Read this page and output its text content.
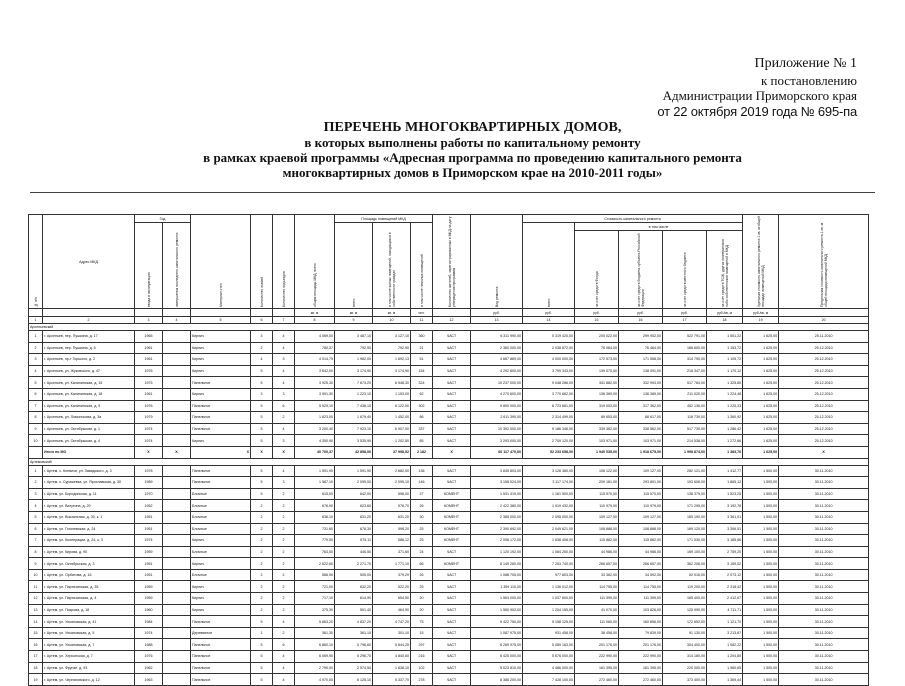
Приложение № 1
к постановлению
Администрации Приморского края
от 22 октября 2019 года № 695-па
ПЕРЕЧЕНЬ МНОГОКВАРТИРНЫХ ДОМОВ,
в которых выполнены работы по капитальному ремонту
в рамках краевой программы «Адресная программа по проведению капитального ремонта
многоквартирных домов в Приморском крае на 2010-2011 годы»
№ п/п	Адрес МКД	Год		Материал стен	Количество этажей	Количество подъездов	общая площадь МКД, всего	Площадь помещений МКД			Количество жителей, зарегистрированных в МКД на дату утверждения программы	Вид ремонта	Стоимость капитального ремонта					Удельная стоимость капитального ремонта 1 кв. м общей площади помещений МКД	Предельная стоимость капитального ремонта 1 кв. м общей площади помещений МКД	
		ввода в эксплуатацию	завершения последнего капитального ремонта					всего	в том числе жилых помещений, находящихся в собственности граждан	в том числе нежилых помещений			всего	в том числе						
														за счет средств Фонда	за счет средств бюджета субъекта Российской Федерации	за счет средств местного бюджета	за счет средств ТСЖ, других кооперативов либо собственников помещений в МКД			
							кв. м	кв. м	кв. м	чел.		руб.	руб.	руб.	руб.	руб.	руб./кв. м	руб./кв. м		
1	2	3	4	5	6	7	8	9	10	11	12	13	14	15	16	17	18	19	20	
Арсеньевский																				
1	г. Арсеньев, пер. Пушкина, д. 17	1965		Кирпич	3	4	4 069,00	3 487,10	3 127,10	360	ЧАСТ	6 311 990,00	5 319 420,00	205 022,00	299 952,00	522 791,00	1 551,22	1 625,00	25.11.2010	
2	г. Арсеньев, пер. Пушкина, д. 5	1961		Кирпич	2	4	780,37	792,90	792,90	21	ЧАСТ	2 360 000,00	2 038 872,00	76 064,00	76 464,00	168 600,00	1 153,72	1 625,00	25.12.2010	
3	г. Арсеньев, пр-т Горького, д. 2	1961		Кирпич	4	3	4 014,75	1 962,00	1 692,13	51	ЧАСТ	4 667 869,00	4 000 000,00	172 573,00	171 558,00	314 790,00	1 105,72	1 625,00	25.12.2010	
4	г. Арсеньев, ул. Жуковского, д. 47	1976		Кирпич	5	4	3 642,00	3 174,90	3 174,90	154	ЧАСТ	4 292 800,00	3 799 343,00	139 070,00	138 091,00	216 347,00	1 170,12	1 625,00	25.12.2010	
5	г. Арсеньев, ул. Калининская, д. 15	1975		Панельное	5	4	3 925,30	7 673,20	6 548,30	324	ЧАСТ	10 237 000,00	9 048 286,00	341 882,00	332 993,00	517 784,00	1 325,80	1 625,00	25.12.2010	
6	г. Арсеньев, ул. Калининская, д. 18	1961		Кирпич	3	3	3 591,30	1 223,10	1 153,00	62	ЧАСТ	4 270 600,00	3 770 662,00	136 369,00	136 389,00	211 020,00	1 224,48	1 625,00	25.12.2010	
7	г. Арсеньев, ул. Калининская, д. 9	1976		Панельное	5	6	5 929,10	7 438,10	6 122,00	302	ЧАСТ	9 800 000,00	8 723 681,00	319 002,00	317 362,00	452 136,00	1 220,33	1 625,00	25.12.2010	
8	г. Арсеньев, ул. Ломоносова, д. 3а	1979		Панельное	5	2	1 823,00	1 679,40	1 452,00	86	ЧАСТ	2 611 390,00	2 314 499,00	89 653,00	88 617,00	118 739,00	1 360,92	1 625,00	25.12.2010	
9	г. Арсеньев, ул. Октябрьская, д. 1	1974		Панельное	5	4	3 200,40	7 923,10	6 907,00	337	ЧАСТ	10 392 000,00	9 186 346,00	339 362,00	338 562,00	517 730,00	1 286,42	1 625,00	25.12.2010	
10	г. Арсеньев, ул. Октябрьская, д. 4	1974		Кирпич	5	3	4 350,90	3 535,90	1 202,50	85	ЧАСТ	3 293 000,00	2 709 120,00	103 971,00	103 971,00	214 538,00	1 272,66	1 625,00	25.12.2010	
	Итого по МО	X	X	X	X	X	40 700,37	42 858,00	37 998,52	2 182	X	60 117 470,00	52 233 658,00	1 940 035,00	1 918 675,00	1 998 874,00	1 383,76	1 625,00	X	
Артемовский																				
1	г. Артем, с. Кневичи, ул. Завадского, д. 3	1978		Панельное	5	4	1 591,90	1 591,90	2 682,00	136	ЧАСТ	3 845 803,00	3 128 380,00	106 122,00	109 127,00	282 121,00	1 412,77	1 500,00	30.11.2010	
2	г. Артем, с. Суражевка, ул. Ярославская, д. 30	1989		Панельное	5	3	1 587,10	2 095,00	2 095,10	146	ЧАСТ	3 158 024,00	3 117 174,00	209 161,00	293 891,00	193 606,00	1 865,12	1 500,00	30.11.2010	
3	г. Артем, ул. Бородинская, д. 11	1970		Блочные	5	2	615,00	642,00	596,00	27	КОМЕНТ	1 531 419,00	1 161 900,00	115 570,00	115 570,00	138 379,00	1 523,25	1 500,00	30.11.2010	
4	г. Артем, ул. Ватутина, д. 20	1952		Блочные	2	2	676,90	623,60	576,70	26	КОМЕНТ	2 422 380,00	1 919 432,00	110 979,00	110 979,00	171 295,00	3 192,78	1 500,00	30.11.2010	
5	г. Артем, ул. Вокзальная, д. 30, к. 1	1951		Блочные	2	2	636,10	631,20	631,20	30	КОМЕНТ	2 385 000,00	2 095 000,00	109 127,00	109 127,00	165 190,00	3 361,01	1 500,00	30.11.2010	
6	г. Артем, ул. Гоголевская, д. 24	1951		Блочные	2	2	731,60	678,30	598,20	25	КОМЕНТ	2 390 692,00	2 049 621,00	108 888,00	108 888,00	169 120,00	3 306,51	1 500,00	30.11.2010	
7	г. Артем, ул. Кооперации, д. 24, к. 3	1974		Кирпич	2	2	779,50	675,11	588,12	25	КОМЕНТ	2 098 172,00	1 638 408,00	115 882,00	115 882,00	171 530,00	3 185,66	1 500,00	30.11.2010	
8	г. Артем, ул. Кирова, д. 90	1959		Блочные	2	2	763,50	446,50	371,60	24	ЧАСТ	1 120 192,00	1 084 260,00	44 986,00	44 986,00	169 100,00	2 759,20	1 500,00	30.11.2010	
9	г. Артем, ул. Октябрьская, д. 3	1951		Кирпич	2	2	2 622,60	2 271,70	1 771,10	66	КОМЕНТ	8 149 260,00	7 253 740,00	266 657,00	266 657,00	362 206,00	3 169,02	1 500,00	30.11.2010	
10	г. Артем, ул. Орбитова, д. 16	1951		Блочные	2	2	566,90	505,00	379,29	26	ЧАСТ	1 088 705,00	977 603,00	33 362,00	34 592,00	52 016,00	2 073,12	1 500,00	30.11.2010	
11	г. Артем, ул. Партизанская, д. 35	1959		Кирпич	2	2	721,00	632,20	522,20	25	ЧАСТ	1 359 110,00	1 136 012,00	114 755,00	114 755,00	119 200,00	2 318,42	1 500,00	30.11.2010	
12	г. Артем, ул. Партизанская, д. 4	1959		Кирпич	2	2	717,10	614,90	654,50	20	ЧАСТ	1 563 000,00	1 037 600,00	111 399,00	111 399,00	165 400,00	2 412,67	1 500,00	30.11.2010	
13	г. Артем, ул. Покрова, д. 18	1960		Кирпич	2	2	375,30	501,40	464,90	20	ЧАСТ	1 560 902,00	1 204 155,00	41 070,00	103 826,00	125 990,00	4 711,71	1 500,00	30.11.2010	
14	г. Артем, ул. Ульяновская, д. 41	1984		Панельное	5	4	5 863,20	4 837,20	4 747,20	75	ЧАСТ	5 422 750,00	5 158 125,00	111 060,00	160 896,00	172 652,00	1 121,70	1 500,00	30.11.2010	
15	г. Артем, ул. Ульяновская, д. 5	1974		Деревянное	1	2	361,30	361,10	301,10	15	ЧАСТ	1 087 975,00	931 458,00	38 458,00	79 839,00	91 130,00	3 213,87	1 500,00	30.11.2010	
16	г. Артем, ул. Ульяновская, д. 7	1988		Панельное	5	6	6 860,10	5 796,60	5 844,25	297	ЧАСТ	6 269 975,00	5 089 163,00	201 176,00	201 176,00	304 400,00	1 082,22	1 500,00	30.11.2010	
17	г. Артем, ул. Херсонская, д. 7	1976		Панельное	5	4	6 069,90	5 296,70	4 840,60	216	ЧАСТ	6 425 000,00	5 676 000,00	222 990,00	222 990,00	314 180,00	1 204,80	1 500,00	30.11.2010	
18	г. Артем, ул. Фрунзе, д. 93	1962		Панельное	5	4	2 790,00	2 574,50	1 838,10	102	ЧАСТ	5 023 810,00	4 486 000,00	161 395,00	161 395,00	220 000,00	1 960,65	1 500,00	30.11.2010	
19	г. Артем, ул. Черняховского, д. 12	1963		Панельное	5	4	4 970,00	6 125,10	5 337,70	278	ЧАСТ	8 388 200,00	7 428 100,00	272 460,00	272 460,00	373 400,00	1 369,44	1 500,00	30.11.2010	
